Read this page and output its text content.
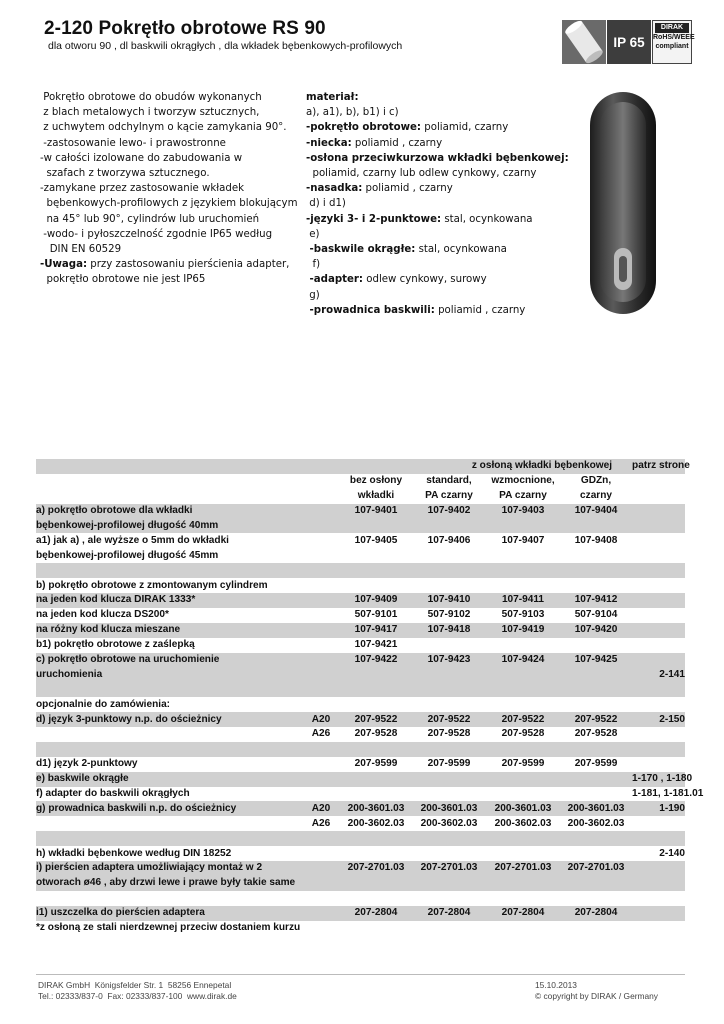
2-120 Pokrętło obrotowe RS 90
dla otworu 90 , dl baskwili okrągłych , dla wkładek bębenkowych-profilowych	IP 65
DIRAK
RoHS/WEEE
compliant
Pokrętło obrotowe do obudów wykonanych
z blach metalowych i tworzyw sztucznych,
z uchwytem odchylnym o kącie zamykania 90°.
-zastosowanie lewo- i prawostronne
-w całości izolowane do zabudowania w
szafach z tworzywa sztucznego.
-zamykane przez zastosowanie wkładek
bębenkowych-profilowych z językiem blokującym
na 45° lub 90°, cylindrów lub uruchomień
-wodo- i pyłoszczelność zgodnie IP65 według
DIN EN 60529
-Uwaga: przy zastosowaniu pierścienia adapter,
pokrętło obrotowe nie jest IP65
materiał:
a), a1), b), b1) i c)
-pokrętło obrotowe: poliamid, czarny
-niecka: poliamid , czarny
-osłona przeciwkurzowa wkładki bębenkowej:
poliamid, czarny lub odlew cynkowy, czarny
-nasadka: poliamid , czarny
d) i d1)
-języki 3- i 2-punktowe: stal, ocynkowana
e)
-baskwile okrągłe: stal, ocynkowana
f)
-adapter: odlew cynkowy, surowy
g)
-prowadnica baskwili: poliamid , czarny
		z osłoną wkładki bębenkowej				patrz strone
		bez osłony	standard,	wzmocnione,	GDZn,	
		wkładki	PA czarny	PA czarny	czarny	
a) pokrętło obrotowe dla wkładki		107-9401	107-9402	107-9403	107-9404	
bębenkowej-profilowej długość 40mm						
a1) jak a) , ale wyższe o 5mm do wkładki		107-9405	107-9406	107-9407	107-9408	
bębenkowej-profilowej długość 45mm						

b) pokrętło obrotowe z zmontowanym cylindrem						
na jeden kod klucza DIRAK 1333*		107-9409	107-9410	107-9411	107-9412	
na jeden kod klucza DS200*		507-9101	507-9102	507-9103	507-9104	
na różny kod klucza mieszane		107-9417	107-9418	107-9419	107-9420	
b1) pokrętło obrotowe z zaślepką		107-9421				
c) pokrętło obrotowe na uruchomienie		107-9422	107-9423	107-9424	107-9425	
uruchomienia						2-141

opcjonalnie do zamówienia:						
d) język 3-punktowy n.p. do ościeżnicy	A20	207-9522	207-9522	207-9522	207-9522	2-150
	A26	207-9528	207-9528	207-9528	207-9528	

d1) język 2-punktowy		207-9599	207-9599	207-9599	207-9599	
e) baskwile okrągłe						1-170 , 1-180
f) adapter do baskwili okrągłych						1-181, 1-181.01
g) prowadnica baskwili n.p. do ościeżnicy	A20	200-3601.03	200-3601.03	200-3601.03	200-3601.03	1-190
	A26	200-3602.03	200-3602.03	200-3602.03	200-3602.03	

h) wkładki bębenkowe według DIN 18252						2-140
i) pierścien adaptera umożliwiający montaż w 2		207-2701.03	207-2701.03	207-2701.03	207-2701.03	
otworach ø46 , aby drzwi lewe i prawe były takie same						

i1) uszczelka do pierścien adaptera		207-2804	207-2804	207-2804	207-2804	
*z osłoną ze stali nierdzewnej przeciw dostaniem kurzu						
DIRAK GmbH  Königsfelder Str. 1  58256 Ennepetal
Tel.: 02333/837-0  Fax: 02333/837-100  www.dirak.de
15.10.2013
© copyright by DIRAK / Germany
